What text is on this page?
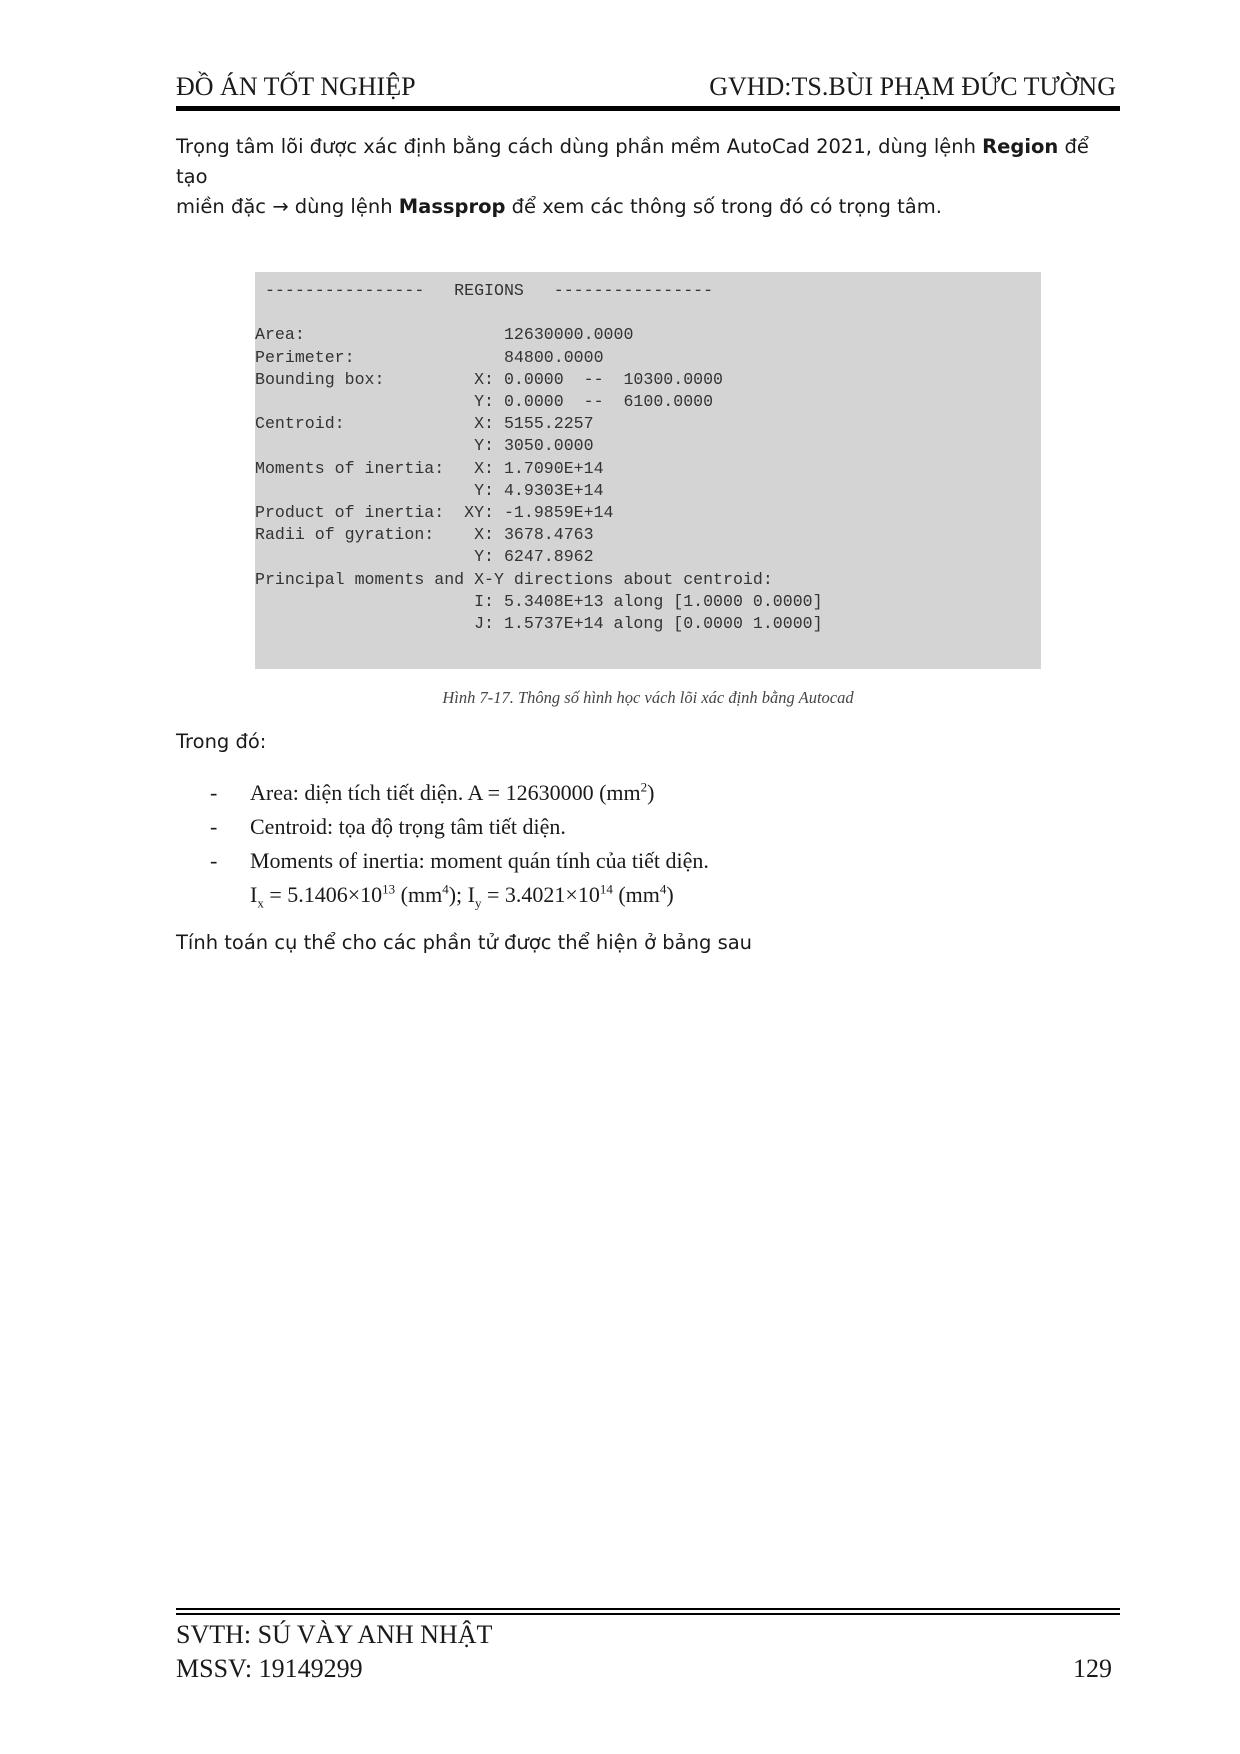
ĐỒ ÁN TỐT NGHIỆP	GVHD:TS.BÙI PHẠM ĐỨC TƯỜNG
Trọng tâm lõi được xác định bằng cách dùng phần mềm AutoCad 2021, dùng lệnh Region để tạo
miền đặc → dùng lệnh Massprop để xem các thông số trong đó có trọng tâm.
----------------   REGIONS   ----------------

Area:                    12630000.0000
Perimeter:               84800.0000
Bounding box:         X: 0.0000  --  10300.0000
Y: 0.0000  --  6100.0000
Centroid:             X: 5155.2257
Y: 3050.0000
Moments of inertia:   X: 1.7090E+14
Y: 4.9303E+14
Product of inertia:  XY: -1.9859E+14
Radii of gyration:    X: 3678.4763
Y: 6247.8962
Principal moments and X-Y directions about centroid:
I: 5.3408E+13 along [1.0000 0.0000]
J: 1.5737E+14 along [0.0000 1.0000]

Hình 7-17. Thông số hình học vách lõi xác định bằng Autocad
Trong đó:
- Area: diện tích tiết diện. A = 12630000 $(mm^2)$
- Centroid: tọa độ trọng tâm tiết diện.
- Moments of inertia: moment quán tính của tiết diện.
$I_x = 5.1406\times 10^{13}$ $(mm^4)$; $I_y = 3.4021\times 10^{14}$ $(mm^4)$
Tính toán cụ thể cho các phần tử được thể hiện ở bảng sau
SVTH: SÚ VÀY ANH NHẬT
MSSV: 19149299	129
